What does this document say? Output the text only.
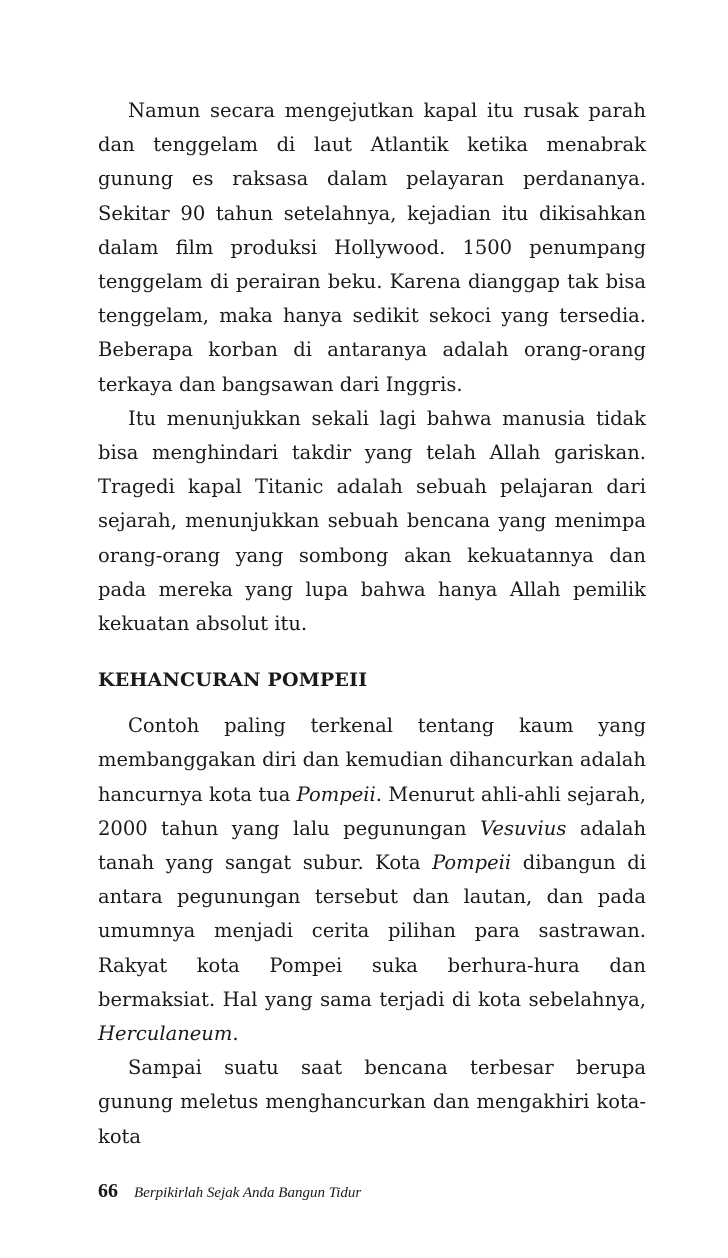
Namun secara mengejutkan kapal itu rusak parah dan tenggelam di laut Atlantik ketika menabrak gunung es raksasa dalam pelayaran perdananya. Sekitar 90 tahun setelahnya, kejadian itu dikisahkan dalam film produksi Hollywood. 1500 penumpang tenggelam di perairan beku. Karena dianggap tak bisa tenggelam, maka hanya sedikit sekoci yang tersedia. Beberapa korban di antaranya adalah orang-orang terkaya dan bangsawan dari Inggris.

Itu menunjukkan sekali lagi bahwa manusia tidak bisa menghindari takdir yang telah Allah gariskan. Tragedi kapal Titanic adalah sebuah pelajaran dari sejarah, menunjukkan sebuah bencana yang menimpa orang-orang yang sombong akan kekuatannya dan pada mereka yang lupa bahwa hanya Allah pemilik kekuatan absolut itu.

KEHANCURAN POMPEII

Contoh paling terkenal tentang kaum yang membanggakan diri dan kemudian dihancurkan adalah hancurnya kota tua Pompeii. Menurut ahli-ahli sejarah, 2000 tahun yang lalu pegunungan Vesuvius adalah tanah yang sangat subur. Kota Pompeii dibangun di antara pegunungan tersebut dan lautan, dan pada umumnya menjadi cerita pilihan para sastrawan. Rakyat kota Pompei suka berhura-hura dan bermaksiat. Hal yang sama terjadi di kota sebelahnya, Herculaneum.

Sampai suatu saat bencana terbesar berupa gunung meletus menghancurkan dan mengakhiri kota-kota

66 Berpikirlah Sejak Anda Bangun Tidur
